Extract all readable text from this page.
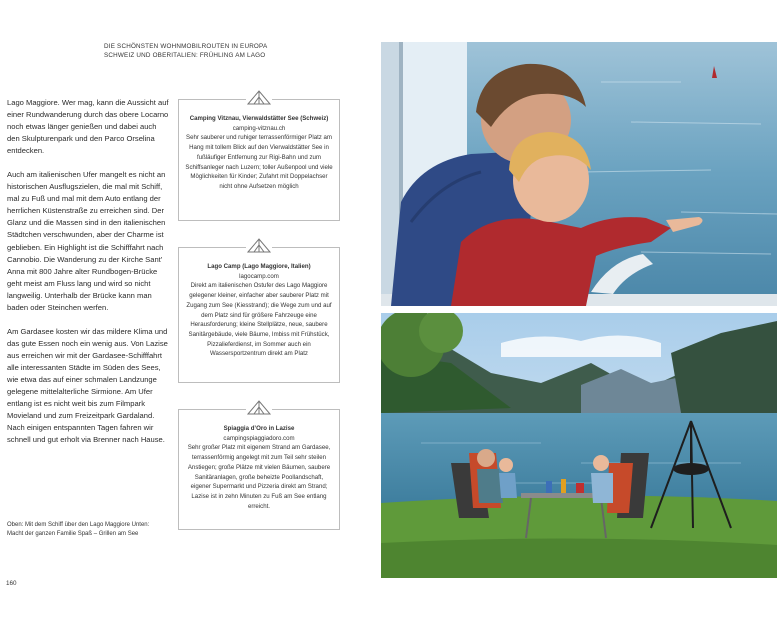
DIE SCHÖNSTEN WOHNMOBILROUTEN IN EUROPA
SCHWEIZ UND OBERITALIEN: FRÜHLING AM LAGO

Lago Maggiore. Wer mag, kann die Aussicht auf einer Rundwanderung durch das obere Locarno noch etwas länger genießen und dabei auch den Skulpturenpark und den Parco Orselina entdecken.

Auch am italienischen Ufer mangelt es nicht an historischen Ausflugszielen, die mal mit Schiff, mal zu Fuß und mal mit dem Auto entlang der herrlichen Küstenstraße zu erreichen sind. Der Glanz und die Massen sind in den italienischen Städtchen verschwunden, aber der Charme ist geblieben. Ein Highlight ist die Schifffahrt nach Cannobio. Die Wanderung zu der Kirche Sant’ Anna mit 800 Jahre alter Rundbogen-Brücke geht meist am Fluss lang und wird so nicht langweilig. Unterhalb der Brücke kann man baden oder Steinchen werfen.

Am Gardasee kosten wir das mildere Klima und das gute Essen noch ein wenig aus. Von Lazise aus erreichen wir mit der Gardasee-Schifffahrt alle interessanten Städte im Süden des Sees, wie etwa das auf einer schmalen Landzunge gelegene mittelalterliche Sirmione. Am Ufer entlang ist es nicht weit bis zum Filmpark Movieland und zum Freizeitpark Gardaland. Nach einigen entspannten Tagen fahren wir schnell und gut erholt via Brenner nach Hause.

Oben: Mit dem Schiff über den Lago Maggiore Unten: Macht der ganzen Familie Spaß – Grillen am See
160
Camping Vitznau, Vierwaldstätter See (Schweiz)
camping-vitznau.ch
Sehr sauberer und ruhiger terrassenförmiger Platz am Hang mit tollem Blick auf den Vierwaldstätter See in fußläufiger Entfernung zur Rigi-Bahn und zum Schiffsanleger nach Luzern; toller Außenpool und viele Möglichkeiten für Kinder; Zufahrt mit Doppelachser nicht ohne Aufsetzen möglich
Lago Camp (Lago Maggiore, Italien)
lagocamp.com
Direkt am italienischen Ostufer des Lago Maggiore gelegener kleiner, einfacher aber sauberer Platz mit Zugang zum See (Kiesstrand); die Wege zum und auf dem Platz sind für größere Fahrzeuge eine Herausforderung; kleine Stellplätze, neue, saubere Sanitärgebäude, viele Bäume, Imbiss mit Frühstück, Pizzalieferdienst, im Sommer auch ein Wassersportzentrum direkt am Platz
Spiaggia d’Oro in Lazise
campingspiaggiadoro.com
Sehr großer Platz mit eigenem Strand am Gardasee, terrassenförmig angelegt mit zum Teil sehr steilen Anstiegen; große Plätze mit vielen Bäumen, saubere Sanitäranlagen, große beheizte Poollandschaft, eigener Supermarkt und Pizzeria direkt am Strand; Lazise ist in zehn Minuten zu Fuß am See entlang erreicht.
